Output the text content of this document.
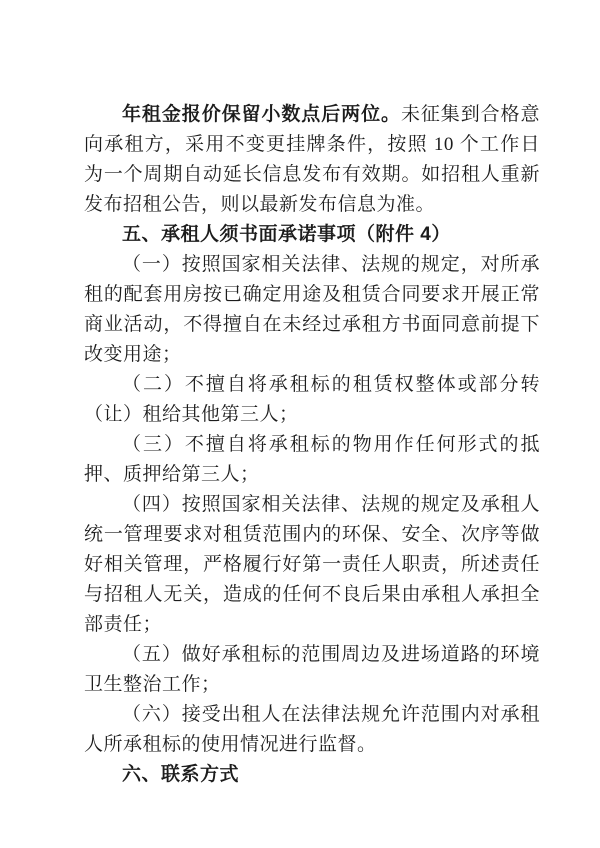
年租金报价保留小数点后两位。未征集到合格意向承租方，采用不变更挂牌条件，按照 10 个工作日为一个周期自动延长信息发布有效期。如招租人重新发布招租公告，则以最新发布信息为准。

五、承租人须书面承诺事项（附件 4）

（一）按照国家相关法律、法规的规定，对所承租的配套用房按已确定用途及租赁合同要求开展正常商业活动，不得擅自在未经过承租方书面同意前提下改变用途；

（二）不擅自将承租标的租赁权整体或部分转（让）租给其他第三人；

（三）不擅自将承租标的物用作任何形式的抵押、质押给第三人；

（四）按照国家相关法律、法规的规定及承租人统一管理要求对租赁范围内的环保、安全、次序等做好相关管理，严格履行好第一责任人职责，所述责任与招租人无关，造成的任何不良后果由承租人承担全部责任；

（五）做好承租标的范围周边及进场道路的环境卫生整治工作；

（六）接受出租人在法律法规允许范围内对承租人所承租标的使用情况进行监督。

六、联系方式
